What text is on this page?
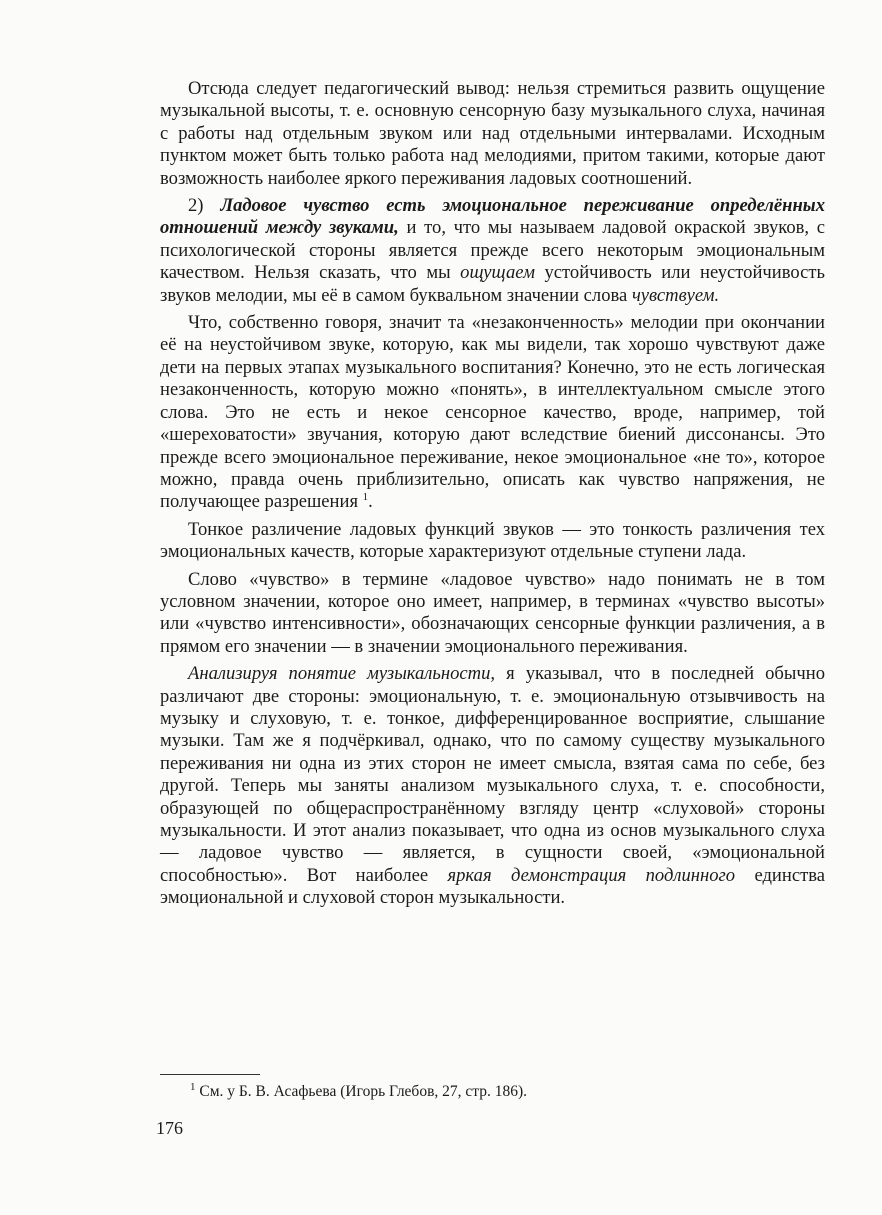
Отсюда следует педагогический вывод: нельзя стремиться развить ощущение музыкальной высоты, т. е. основную сенсорную базу музыкального слуха, начиная с работы над отдельным звуком или над отдельными интервалами. Исходным пунктом может быть только работа над мелодиями, притом такими, которые дают возможность наиболее яркого переживания ладовых соотношений.

2) Ладовое чувство есть эмоциональное переживание определённых отношений между звуками, и то, что мы называем ладовой окраской звуков, с психологической стороны является прежде всего некоторым эмоциональным качеством. Нельзя сказать, что мы ощущаем устойчивость или неустойчивость звуков мелодии, мы её в самом буквальном значении слова чувствуем.

Что, собственно говоря, значит та «незаконченность» мелодии при окончании её на неустойчивом звуке, которую, как мы видели, так хорошо чувствуют даже дети на первых этапах музыкального воспитания? Конечно, это не есть логическая незаконченность, которую можно «понять», в интеллектуальном смысле этого слова. Это не есть и некое сенсорное качество, вроде, например, той «шереховатости» звучания, которую дают вследствие биений диссонансы. Это прежде всего эмоциональное переживание, некое эмоциональное «не то», которое можно, правда очень приблизительно, описать как чувство напряжения, не получающее разрешения $^1$.

Тонкое различение ладовых функций звуков — это тонкость различения тех эмоциональных качеств, которые характеризуют отдельные ступени лада.

Слово «чувство» в термине «ладовое чувство» надо понимать не в том условном значении, которое оно имеет, например, в терминах «чувство высоты» или «чувство интенсивности», обозначающих сенсорные функции различения, а в прямом его значении — в значении эмоционального переживания.

Анализируя понятие музыкальности, я указывал, что в последней обычно различают две стороны: эмоциональную, т. е. эмоциональную отзывчивость на музыку и слуховую, т. е. тонкое, дифференцированное восприятие, слышание музыки. Там же я подчёркивал, однако, что по самому существу музыкального переживания ни одна из этих сторон не имеет смысла, взятая сама по себе, без другой. Теперь мы заняты анализом музыкального слуха, т. е. способности, образующей по общераспространённому взгляду центр «слуховой» стороны музыкальности. И этот анализ показывает, что одна из основ музыкального слуха — ладовое чувство — является, в сущности своей, «эмоциональной способностью». Вот наиболее яркая демонстрация подлинного единства эмоциональной и слуховой сторон музыкальности.

$^1$ См. у Б. В. Асафьева (Игорь Глебов, 27, стр. 186).
176
